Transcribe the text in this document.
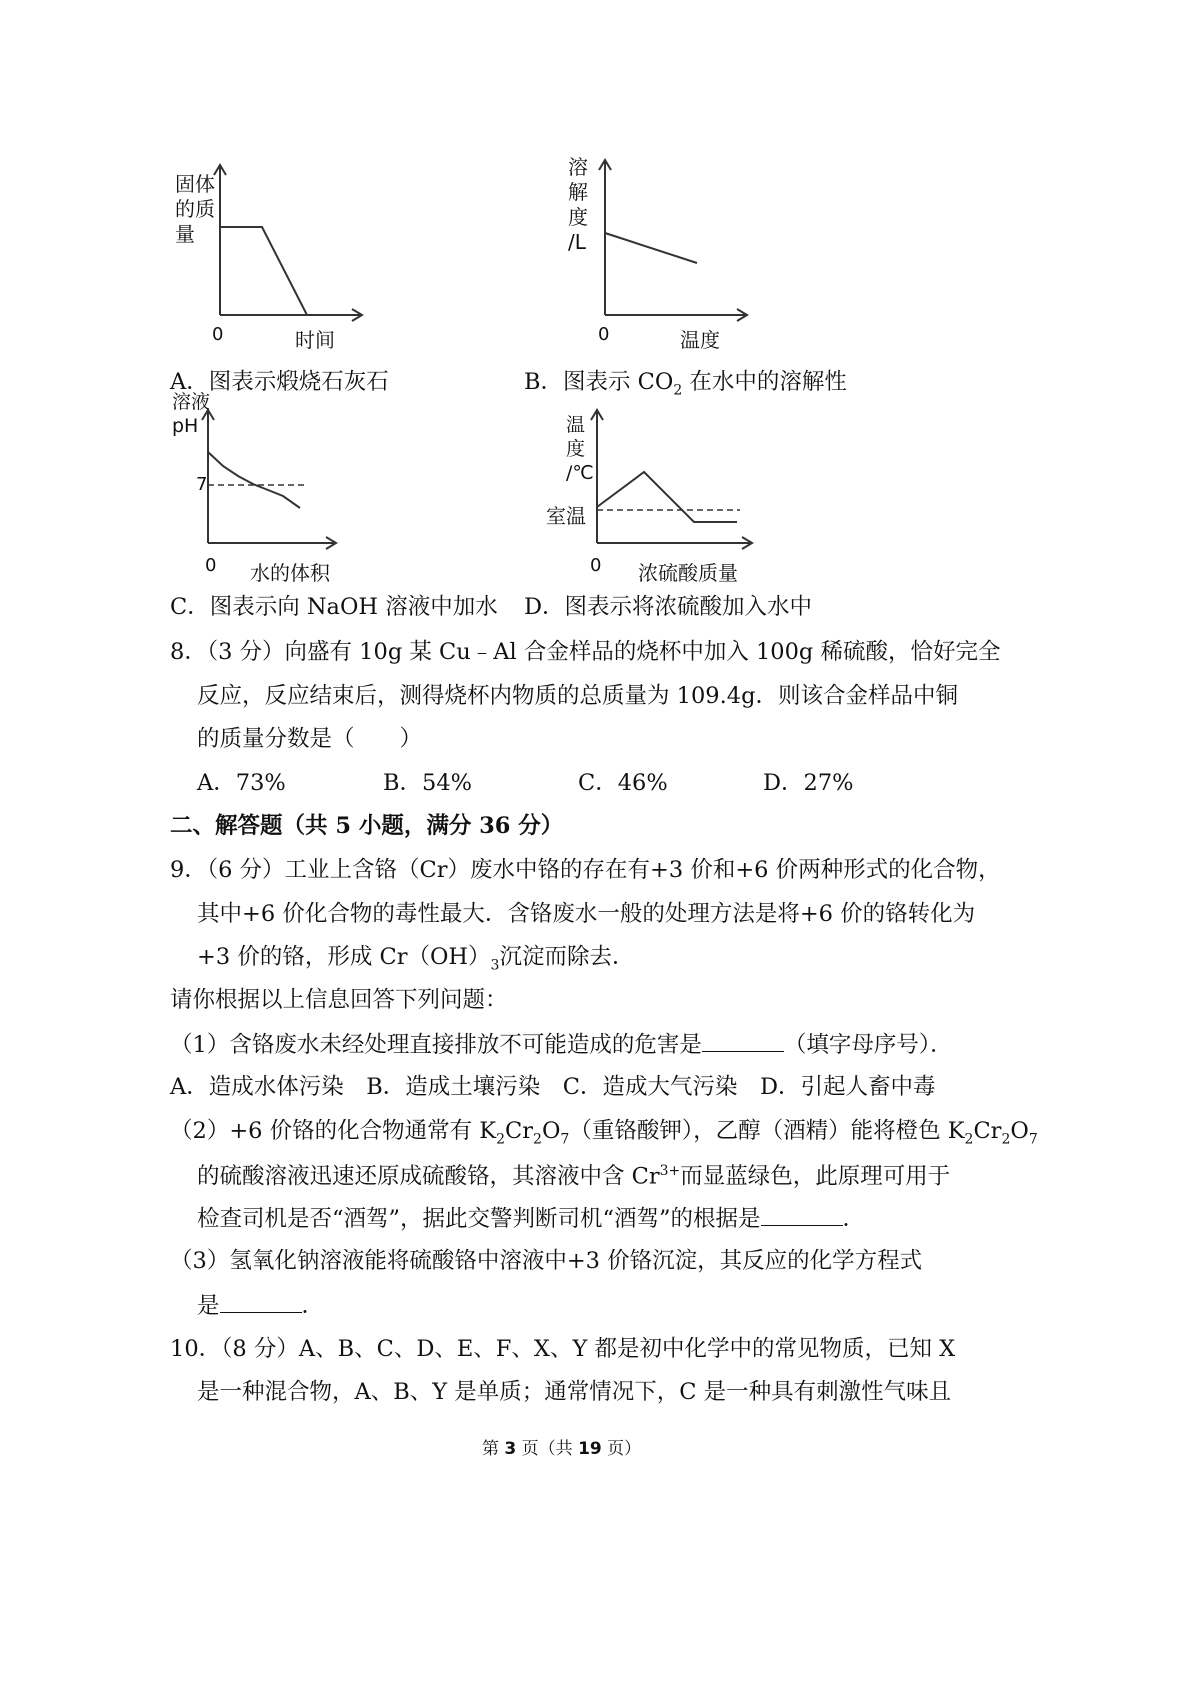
固体
的质
量
0	时间
溶
解
度
/L
0	温度
A．图表示煅烧石灰石	B．图表示 $CO_2$ 在水中的溶解性
溶液
pH
7
0 水的体积
温
度
/℃
室温
0 浓硫酸质量
C．图表示向 NaOH 溶液中加水 D．图表示将浓硫酸加入水中
8．（3 分）向盛有 10g 某 Cu﹣Al 合金样品的烧杯中加入 100g 稀硫酸，恰好完全
反应，反应结束后，测得烧杯内物质的总质量为 109.4g．则该合金样品中铜
的质量分数是（　　）
A．73%	B．54%	C．46%	D．27%
二、解答题（共 5 小题，满分 36 分）
9．（6 分）工业上含铬（Cr）废水中铬的存在有+3 价和+6 价两种形式的化合物，
其中+6 价化合物的毒性最大．含铬废水一般的处理方法是将+6 价的铬转化为
+3 价的铬，形成 $Cr(OH)_3$沉淀而除去．
请你根据以上信息回答下列问题：
（1）含铬废水未经处理直接排放不可能造成的危害是	（填字母序号）．
A．造成水体污染　B．造成土壤污染　C．造成大气污染　D．引起人畜中毒
（2）+6 价铬的化合物通常有 $K_2Cr_2O_7$（重铬酸钾），乙醇（酒精）能将橙色 $K_2Cr_2O_7$
的硫酸溶液迅速还原成硫酸铬，其溶液中含 $Cr^{3+}$而显蓝绿色，此原理可用于
检查司机是否“酒驾”，据此交警判断司机“酒驾”的根据是	．
（3）氢氧化钠溶液能将硫酸铬中溶液中+3 价铬沉淀，其反应的化学方程式
是	．
10．（8 分）A、B、C、D、E、F、X、Y 都是初中化学中的常见物质，已知 X
是一种混合物，A、B、Y 是单质；通常情况下，C 是一种具有刺激性气味且
第 3 页（共 19 页）
